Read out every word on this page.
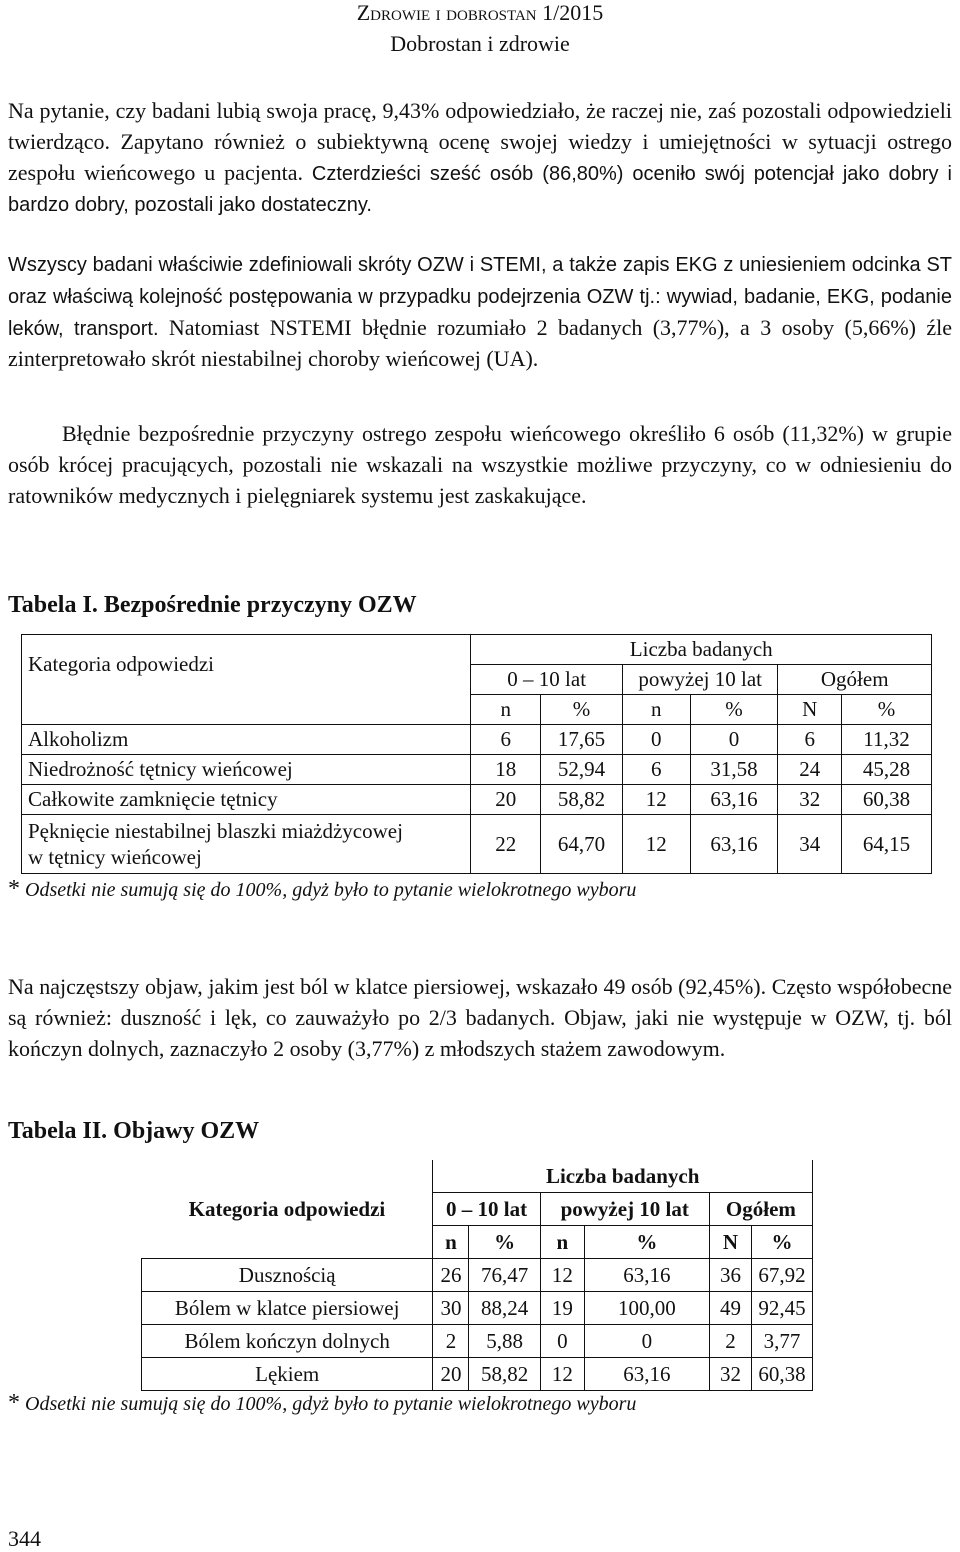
Zdrowie i dobrostan 1/2015
Dobrostan i zdrowie

Na pytanie, czy badani lubią swoja pracę, 9,43% odpowiedziało, że raczej nie, zaś pozostali odpowiedzieli twierdząco. Zapytano również o subiektywną ocenę swojej wiedzy i umiejętności w sytuacji ostrego zespołu wieńcowego u pacjenta. Czterdzieści sześć osób (86,80%) oceniło swój potencjał jako dobry i bardzo dobry, pozostali jako dostateczny.

Wszyscy badani właściwie zdefiniowali skróty OZW i STEMI, a także zapis EKG z uniesieniem odcinka ST oraz właściwą kolejność postępowania w przypadku podejrzenia OZW tj.: wywiad, badanie, EKG, podanie leków, transport. Natomiast NSTEMI błędnie rozumiało 2 badanych (3,77%), a 3 osoby (5,66%) źle zinterpretowało skrót niestabilnej choroby wieńcowej (UA).

Błędnie bezpośrednie przyczyny ostrego zespołu wieńcowego określiło 6 osób (11,32%) w grupie osób krócej pracujących, pozostali nie wskazali na wszystkie możliwe przyczyny, co w odniesieniu do ratowników medycznych i pielęgniarek systemu jest zaskakujące.

Tabela I. Bezpośrednie przyczyny OZW

Kategoria odpowiedzi	Liczba badanych					
	0 – 10 lat		powyżej 10 lat		Ogółem	
	n	%	n	%	N	%
Alkoholizm	6	17,65	0	0	6	11,32
Niedrożność tętnicy wieńcowej	18	52,94	6	31,58	24	45,28
Całkowite zamknięcie tętnicy	20	58,82	12	63,16	32	60,38

Pęknięcie niestabilnej blaszki miażdżycowej
w tętnicy wieńcowej	22	64,70	12	63,16	34	64,15

* Odsetki nie sumują się do 100%, gdyż było to pytanie wielokrotnego wyboru

Na najczęstszy objaw, jakim jest ból w klatce piersiowej, wskazało 49 osób (92,45%). Często współobecne są również: duszność i lęk, co zauważyło po 2/3 badanych. Objaw, jaki nie występuje w OZW, tj. ból kończyn dolnych, zaznaczyło 2 osoby (3,77%) z młodszych stażem zawodowym.

Tabela II. Objawy OZW

	Liczba badanych					
Kategoria odpowiedzi	0 – 10 lat		powyżej 10 lat		Ogółem	
	n	%	n	%	N	%
Dusznością	26	76,47	12	63,16	36	67,92
Bólem w klatce piersiowej	30	88,24	19	100,00	49	92,45
Bólem kończyn dolnych	2	5,88	0	0	2	3,77
Lękiem	20	58,82	12	63,16	32	60,38

* Odsetki nie sumują się do 100%, gdyż było to pytanie wielokrotnego wyboru

344
